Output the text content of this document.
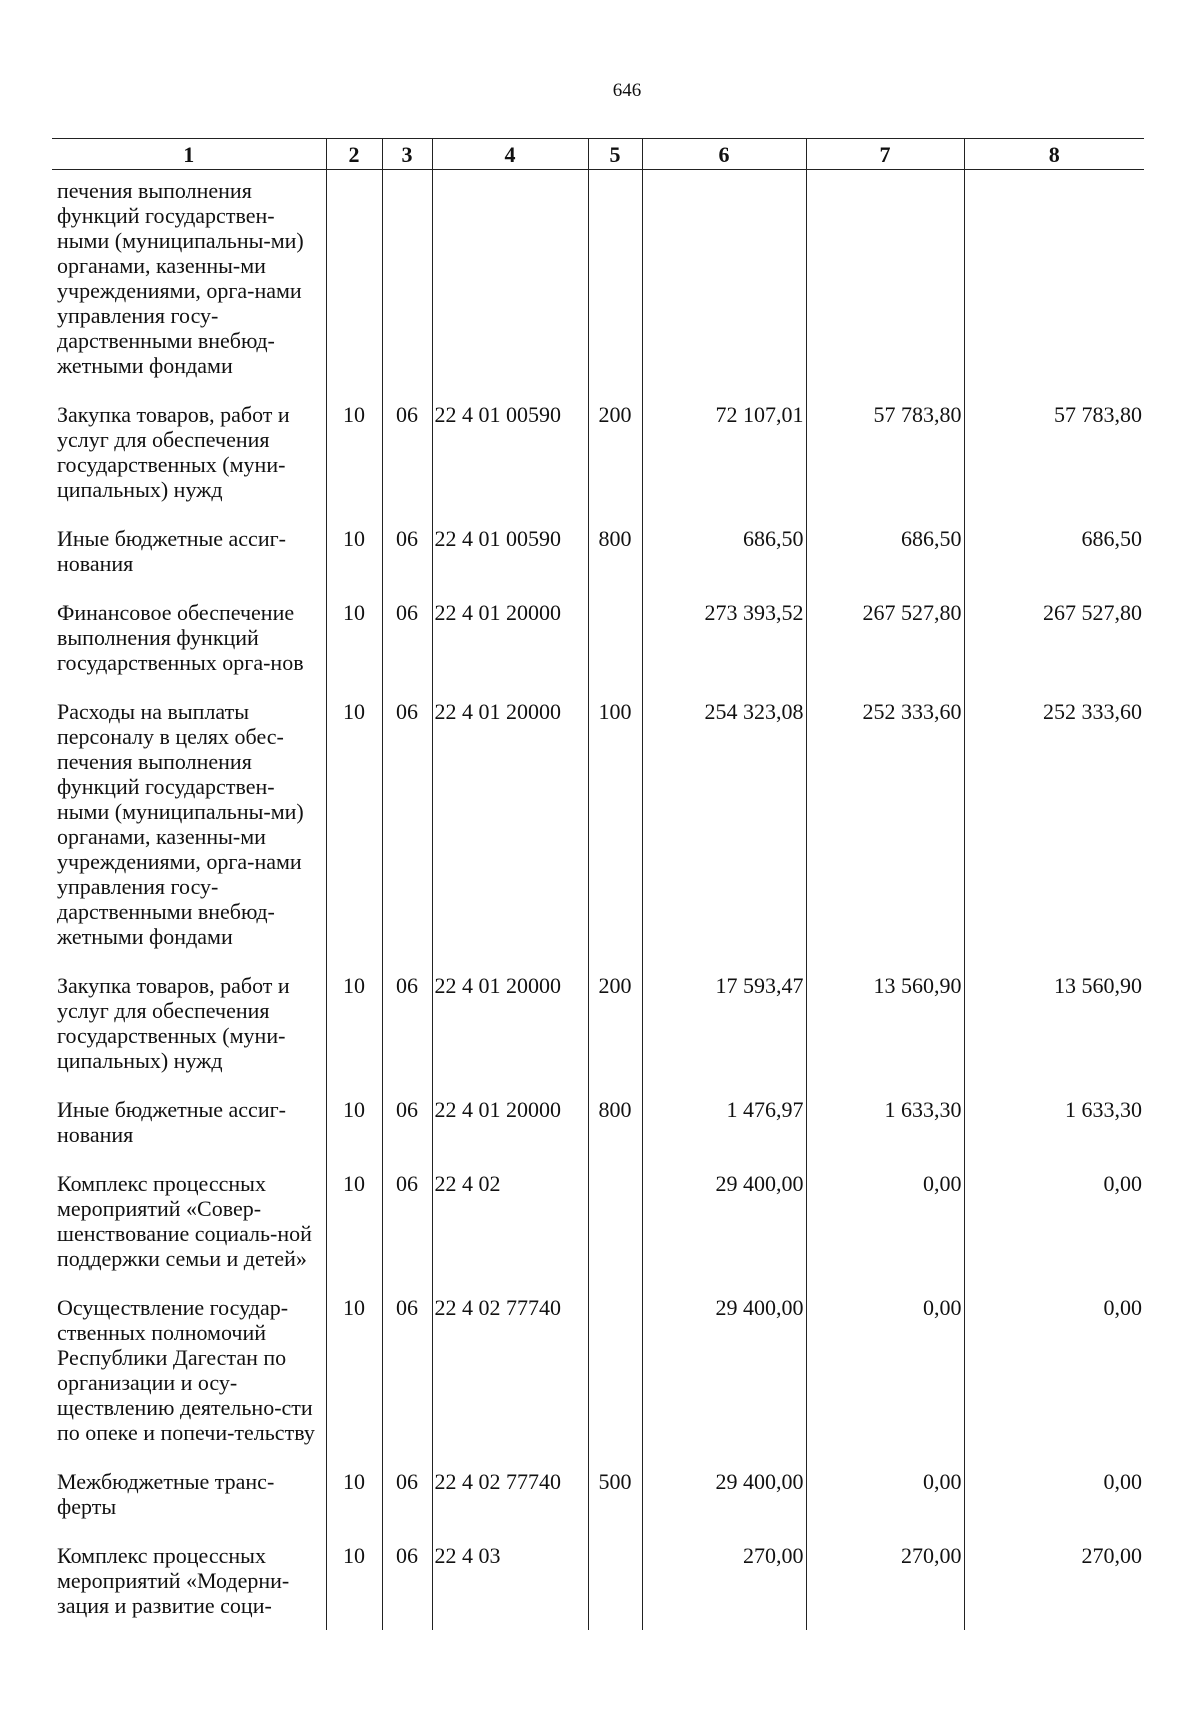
646
1	2	3	4	5	6	7	8
печения выполнения функций государствен-ными (муниципальны-ми) органами, казенны-ми учреждениями, орга-нами управления госу-дарственными внебюд-жетными фондами							
Закупка товаров, работ и услуг для обеспечения государственных (муни-ципальных) нужд	10	06	22 4 01 00590	200	72 107,01	57 783,80	57 783,80
Иные бюджетные ассиг-нования	10	06	22 4 01 00590	800	686,50	686,50	686,50
Финансовое обеспечение выполнения функций государственных орга-нов	10	06	22 4 01 20000		273 393,52	267 527,80	267 527,80
Расходы на выплаты персоналу в целях обес-печения выполнения функций государствен-ными (муниципальны-ми) органами, казенны-ми учреждениями, орга-нами управления госу-дарственными внебюд-жетными фондами	10	06	22 4 01 20000	100	254 323,08	252 333,60	252 333,60
Закупка товаров, работ и услуг для обеспечения государственных (муни-ципальных) нужд	10	06	22 4 01 20000	200	17 593,47	13 560,90	13 560,90
Иные бюджетные ассиг-нования	10	06	22 4 01 20000	800	1 476,97	1 633,30	1 633,30
Комплекс процессных мероприятий «Совер-шенствование социаль-ной поддержки семьи и детей»	10	06	22 4 02		29 400,00	0,00	0,00
Осуществление государ-ственных полномочий Республики Дагестан по организации и осу-ществлению деятельно-сти по опеке и попечи-тельству	10	06	22 4 02 77740		29 400,00	0,00	0,00
Межбюджетные транс-ферты	10	06	22 4 02 77740	500	29 400,00	0,00	0,00
Комплекс процессных мероприятий «Модерни-зация и развитие соци-	10	06	22 4 03		270,00	270,00	270,00
